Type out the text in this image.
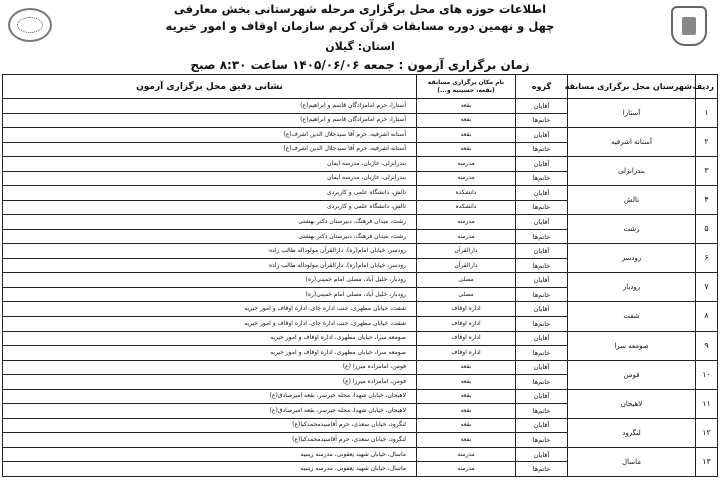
اطلاعات حوزه های محل برگزاری مرحله شهرستانی بخش معارفی
چهل و نهمین دوره مسابقات قرآن کریم سازمان اوقاف و امور خیریه
استان: گیلان
زمان برگزاری آزمون : جمعه ۱۴۰۵/۰۶/۰۶ ساعت ۸:۳۰ صبح
ردیف	شهرستان محل برگزاری مسابقه	گروه	نام مکان برگزاری مسابقه (بقعه، حسینیه و...)	نشانی دقیق محل برگزاری آزمون
۱	آستارا	آقایان	بقعه	آستارا، حرم امامزادگان قاسم و ابراهیم(ع)
		خانم‌ها	بقعه	آستارا، حرم امامزادگان قاسم و ابراهیم(ع)
۲	آستانه اشرفیه	آقایان	بقعه	آستانه اشرفیه، حرم آقا سیدجلال الدین اشرف(ع)
		خانم‌ها	بقعه	آستانه اشرفیه، حرم آقا سیدجلال الدین اشرف(ع)
۳	بندرانزلی	آقایان	مدرسه	بندرانزلی، غازیان، مدرسه ایمان
		خانم‌ها	مدرسه	بندرانزلی، غازیان، مدرسه ایمان
۴	تالش	آقایان	دانشکده	تالش، دانشگاه علمی و کاربردی
		خانم‌ها	دانشکده	تالش، دانشگاه علمی و کاربردی
۵	رشت	آقایان	مدرسه	رشت، میدان فرهنگ، دبیرستان دکتر بهشتی
		خانم‌ها	مدرسه	رشت، میدان فرهنگ، دبیرستان دکتر بهشتی
۶	رودسر	آقایان	دارالقرآن	رودسر، خیابان امام(ره)، دارالقرآن مولوداله طالب زاده
		خانم‌ها	دارالقرآن	رودسر، خیابان امام(ره)، دارالقرآن مولوداله طالب زاده
۷	رودبار	آقایان	مصلی	رودبار، خلیل آباد، مصلی امام خمینی(ره)
		خانم‌ها	مصلی	رودبار، خلیل آباد، مصلی امام خمینی(ره)
۸	شفت	آقایان	اداره اوقاف	شفت، خیابان مطهری، جنب اداره چای، اداره اوقاف و امور خیریه
		خانم‌ها	اداره اوقاف	شفت، خیابان مطهری، جنب اداره چای، اداره اوقاف و امور خیریه
۹	صومعه سرا	آقایان	اداره اوقاف	صومعه سرا، خیابان مطهری، اداره اوقاف و امور خیریه
		خانم‌ها	اداره اوقاف	صومعه سرا، خیابان مطهری، اداره اوقاف و امور خیریه
۱۰	فومن	آقایان	بقعه	فومن، امامزاده میرزا (ع)
		خانم‌ها	بقعه	فومن، امامزاده میرزا (ع)
۱۱	لاهیجان	آقایان	بقعه	لاهیجان، خیابان شهدا، محله جیرسر، بقعه امیرصادق(ع)
		خانم‌ها	بقعه	لاهیجان، خیابان شهدا، محله جیرسر، بقعه امیرصادق(ع)
۱۲	لنگرود	آقایان	بقعه	لنگرود، خیابان سعدی، حرم آقاسیدمحمدکیا(ع)
		خانم‌ها	بقعه	لنگرود، خیابان سعدی، حرم آقاسیدمحمدکیا(ع)
۱۳	ماسال	آقایان	مدرسه	ماسال، خیابان شهید یعقوبی، مدرسه زینبیه
		خانم‌ها	مدرسه	ماسال، خیابان شهید یعقوبی، مدرسه زینبیه
